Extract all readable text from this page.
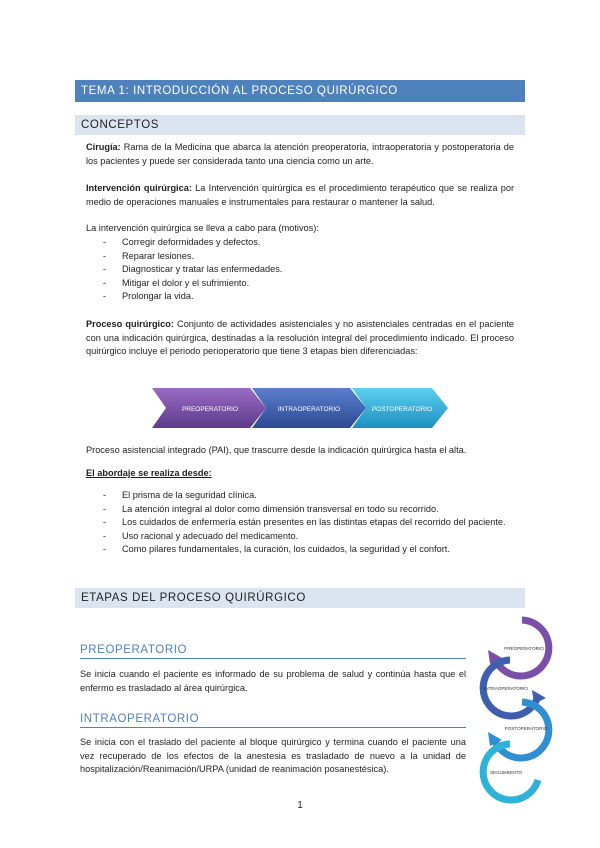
TEMA 1: INTRODUCCIÓN AL PROCESO QUIRÚRGICO
CONCEPTOS

Cirugía: Rama de la Medicina que abarca la atención preoperatoria, intraoperatoria y postoperatoria de los pacientes y puede ser considerada tanto una ciencia como un arte.

Intervención quirúrgica: La Intervención quirúrgica es el procedimiento terapéutico que se realiza por medio de operaciones manuales e instrumentales para restaurar o mantener la salud.

La intervención quirúrgica se lleva a cabo para (motivos):

- Corregir deformidades y defectos.
- Reparar lesiones.
- Diagnosticar y tratar las enfermedades.
- Mitigar el dolor y el sufrimiento.
- Prolongar la vida.

Proceso quirúrgico: Conjunto de actividades asistenciales y no asistenciales centradas en el paciente con una indicación quirúrgica, destinadas a la resolución integral del procedimiento indicado. El proceso quirúrgico incluye el periodo perioperatorio que tiene 3 etapas bien diferenciadas:

PREOPERATORIO	INTRAOPERATORIO	POSTOPERATORIO

Proceso asistencial integrado (PAI), que trascurre desde la indicación quirúrgica hasta el alta.

El abordaje se realiza desde:

- El prisma de la seguridad clínica.
- La atención integral al dolor como dimensión transversal en todo su recorrido.
- Los cuidados de enfermería están presentes en las distintas etapas del recorrido del paciente.
- Uso racional y adecuado del medicamento.
- Como pilares fundamentales, la curación, los cuidados, la seguridad y el confort.
ETAPAS DEL PROCESO QUIRÚRGICO
PREOPERATORIO

Se inicia cuando el paciente es informado de su problema de salud y continúa hasta que el enfermo es trasladado al área quirúrgica.

INTRAOPERATORIO

Se inicia con el traslado del paciente al bloque quirúrgico y termina cuando el paciente una vez recuperado de los efectos de la anestesia es trasladado de nuevo a la unidad de hospitalización/Reanimación/URPA (unidad de reanimación posanestésica).

PREOPERATORIO
INTRAOPERATORIO
POSTOPERATORIO
SEGUIMIENTO
1
